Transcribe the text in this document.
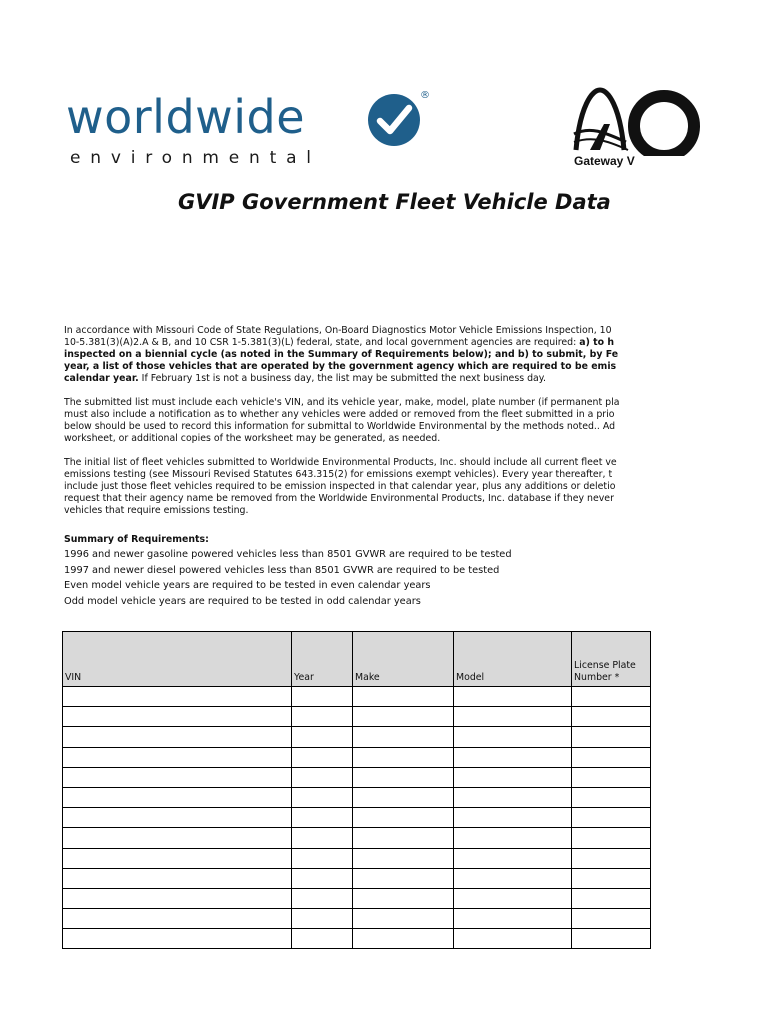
worldwide	®
environmental	Gateway V
GVIP Government Fleet Vehicle Data

In accordance with Missouri Code of State Regulations, On-Board Diagnostics Motor Vehicle Emissions Inspection, 10
10-5.381(3)(A)2.A & B, and 10 CSR 1-5.381(3)(L) federal, state, and local government agencies are required: a) to h
inspected on a biennial cycle (as noted in the Summary of Requirements below); and b) to submit, by Fe
year, a list of those vehicles that are operated by the government agency which are required to be emis
calendar year. If February 1st is not a business day, the list may be submitted the next business day.

The submitted list must include each vehicle's VIN, and its vehicle year, make, model, plate number (if permanent pla
must also include a notification as to whether any vehicles were added or removed from the fleet submitted in a prio
below should be used to record this information for submittal to Worldwide Environmental by the methods noted.. Ad
worksheet, or additional copies of the worksheet may be generated, as needed.

The initial list of fleet vehicles submitted to Worldwide Environmental Products, Inc. should include all current fleet ve
emissions testing (see Missouri Revised Statutes 643.315(2) for emissions exempt vehicles). Every year thereafter, t
include just those fleet vehicles required to be emission inspected in that calendar year, plus any additions or deletio
request that their agency name be removed from the Worldwide Environmental Products, Inc. database if they never
vehicles that require emissions testing.

Summary of Requirements:
1996 and newer gasoline powered vehicles less than 8501 GVWR are required to be tested
1997 and newer diesel powered vehicles less than 8501 GVWR are required to be tested
Even model vehicle years are required to be tested in even calendar years
Odd model vehicle years are required to be tested in odd calendar years
VIN	Year	Make	Model	License Plate Number *
